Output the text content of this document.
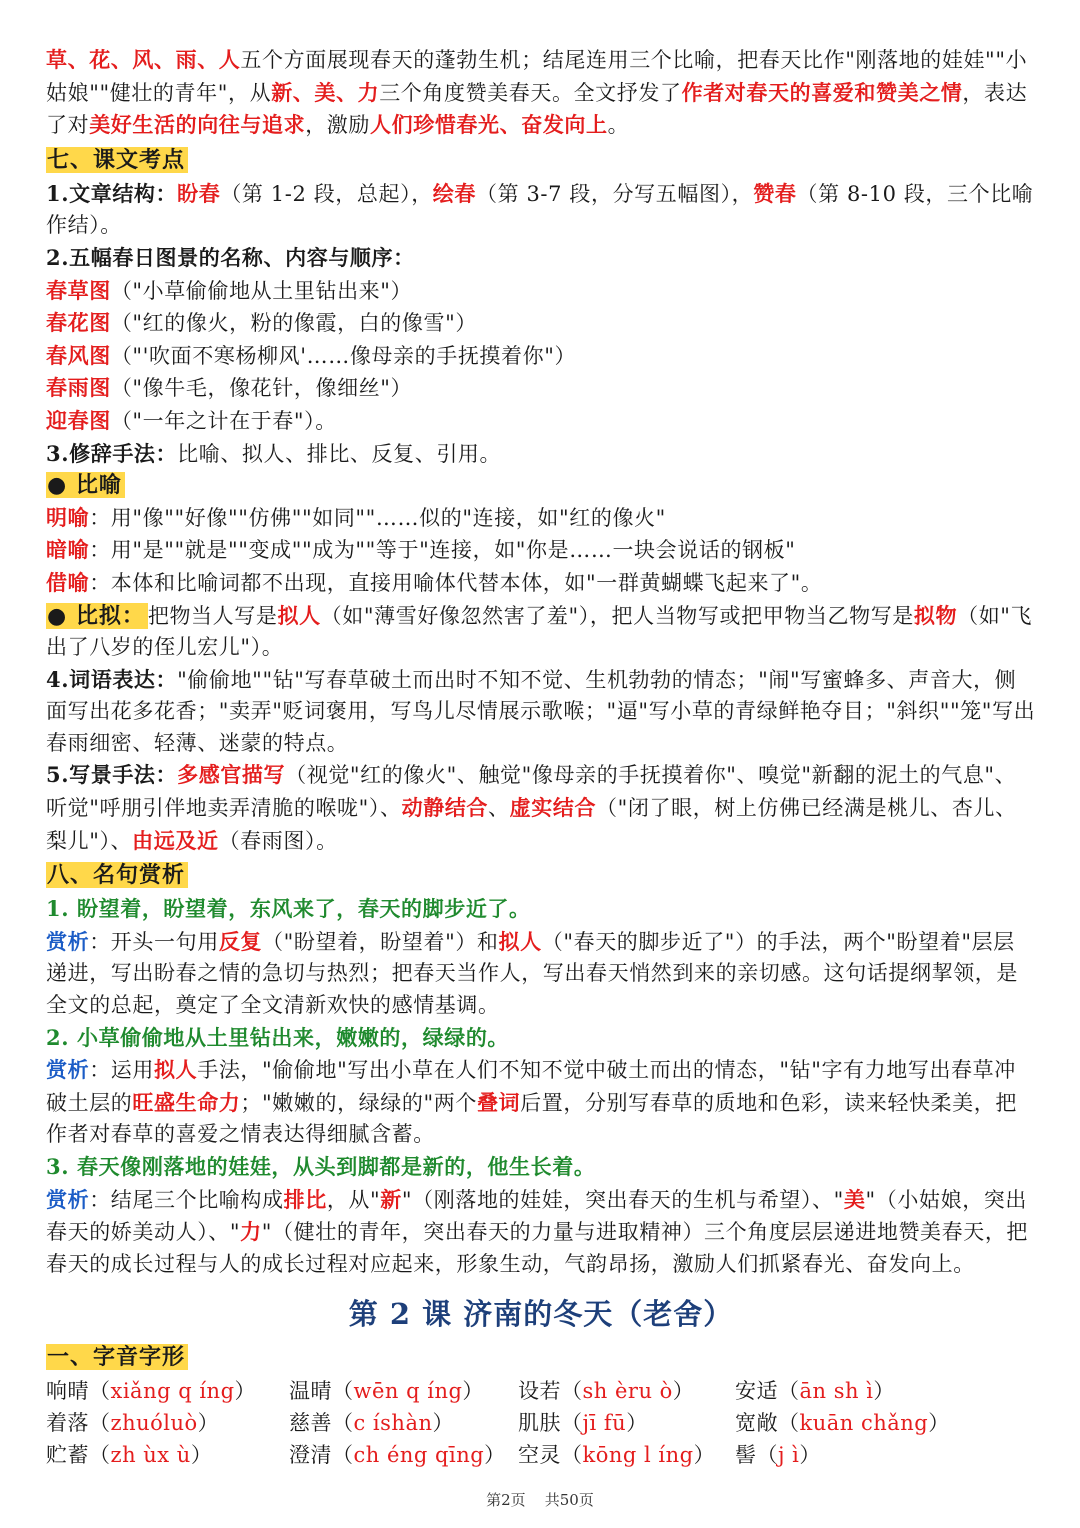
草、花、风、雨、人五个方面展现春天的蓬勃生机；结尾连用三个比喻，把春天比作"刚落地的娃娃""小姑娘""健壮的青年"，从新、美、力三个角度赞美春天。全文抒发了作者对春天的喜爱和赞美之情，表达了对美好生活的向往与追求，激励人们珍惜春光、奋发向上。

七、课文考点

1.文章结构：盼春（第 1-2 段，总起），绘春（第 3-7 段，分写五幅图），赞春（第 8-10 段，三个比喻作结）。

2.五幅春日图景的名称、内容与顺序：

春草图（"小草偷偷地从土里钻出来"）

春花图（"红的像火，粉的像霞，白的像雪"）

春风图（"'吹面不寒杨柳风'……像母亲的手抚摸着你"）

春雨图（"像牛毛，像花针，像细丝"）

迎春图（"一年之计在于春"）。

3.修辞手法：比喻、拟人、排比、反复、引用。

● 比喻

明喻：用"像""好像""仿佛""如同""……似的"连接，如"红的像火"

暗喻：用"是""就是""变成""成为""等于"连接，如"你是……一块会说话的钢板"

借喻：本体和比喻词都不出现，直接用喻体代替本体，如"一群黄蝴蝶飞起来了"。

● 比拟： 把物当人写是拟人（如"薄雪好像忽然害了羞"），把人当物写或把甲物当乙物写是拟物（如"飞出了八岁的侄儿宏儿"）。

4.词语表达："偷偷地""钻"写春草破土而出时不知不觉、生机勃勃的情态；"闹"写蜜蜂多、声音大，侧面写出花多花香；"卖弄"贬词褒用，写鸟儿尽情展示歌喉；"逼"写小草的青绿鲜艳夺目；"斜织""笼"写出春雨细密、轻薄、迷蒙的特点。

5.写景手法：多感官描写（视觉"红的像火"、触觉"像母亲的手抚摸着你"、嗅觉"新翻的泥土的气息"、听觉"呼朋引伴地卖弄清脆的喉咙"）、动静结合、虚实结合（"闭了眼，树上仿佛已经满是桃儿、杏儿、梨儿"）、由远及近（春雨图）。

八、名句赏析

1. 盼望着，盼望着，东风来了，春天的脚步近了。

赏析：开头一句用反复（"盼望着，盼望着"）和拟人（"春天的脚步近了"）的手法，两个"盼望着"层层递进，写出盼春之情的急切与热烈；把春天当作人，写出春天悄然到来的亲切感。这句话提纲挈领，是全文的总起，奠定了全文清新欢快的感情基调。

2. 小草偷偷地从土里钻出来，嫩嫩的，绿绿的。

赏析：运用拟人手法，"偷偷地"写出小草在人们不知不觉中破土而出的情态，"钻"字有力地写出春草冲破土层的旺盛生命力；"嫩嫩的，绿绿的"两个叠词后置，分别写春草的质地和色彩，读来轻快柔美，把作者对春草的喜爱之情表达得细腻含蓄。

3. 春天像刚落地的娃娃，从头到脚都是新的，他生长着。

赏析：结尾三个比喻构成排比，从"新"（刚落地的娃娃，突出春天的生机与希望）、"美"（小姑娘，突出春天的娇美动人）、"力"（健壮的青年，突出春天的力量与进取精神）三个角度层层递进地赞美春天，把春天的成长过程与人的成长过程对应起来，形象生动，气韵昂扬，激励人们抓紧春光、奋发向上。

第 2 课 济南的冬天（老舍）

一、字音字形

响晴（xiǎng q íng）	温晴（wēn q íng）	设若（sh èru ò）	安适（ān sh ì）
着落（zhuóluò）	慈善（c íshàn）	肌肤（jī fū）	宽敞（kuān chǎng）
贮蓄（zh ùx ù）	澄清（ch éng qīng） 空灵（kōng l íng） 髻（j ì）
第2页 共50页
